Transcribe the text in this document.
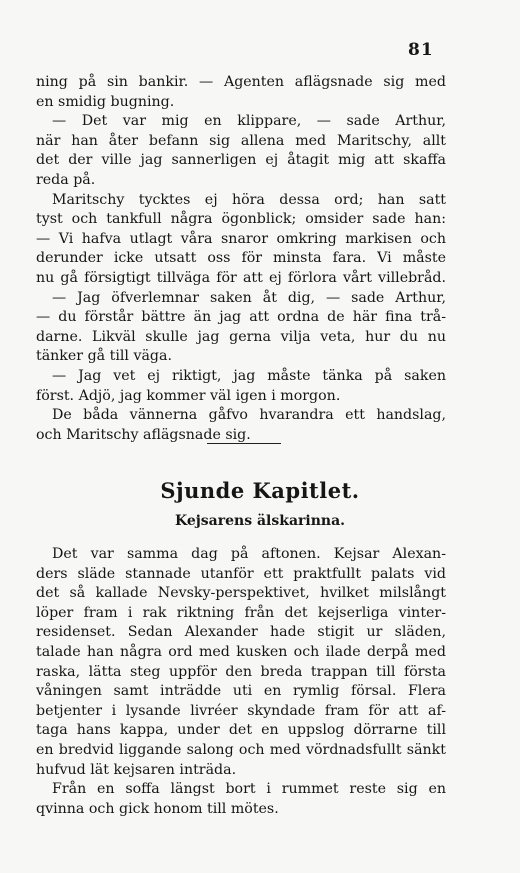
81
ning på sin bankir. — Agenten aflägsnade sig med
en smidig bugning.
— Det var mig en klippare, — sade Arthur,
när han åter befann sig allena med Maritschy, allt
det der ville jag sannerligen ej åtagit mig att skaffa
reda på.
Maritschy tycktes ej höra dessa ord; han satt
tyst och tankfull några ögonblick; omsider sade han:
— Vi hafva utlagt våra snaror omkring markisen och
derunder icke utsatt oss för minsta fara. Vi måste
nu gå försigtigt tillväga för att ej förlora vårt villebråd.
— Jag öfverlemnar saken åt dig, — sade Arthur,
— du förstår bättre än jag att ordna de här fina trå-
darne. Likväl skulle jag gerna vilja veta, hur du nu
tänker gå till väga.
— Jag vet ej riktigt, jag måste tänka på saken
först. Adjö, jag kommer väl igen i morgon.
De båda vännerna gåfvo hvarandra ett handslag,
och Maritschy aflägsnade sig.
Sjunde Kapitlet.
Kejsarens älskarinna.
Det var samma dag på aftonen. Kejsar Alexan-
ders släde stannade utanför ett praktfullt palats vid
det så kallade Nevsky-perspektivet, hvilket milslångt
löper fram i rak riktning från det kejserliga vinter-
residenset. Sedan Alexander hade stigit ur släden,
talade han några ord med kusken och ilade derpå med
raska, lätta steg uppför den breda trappan till första
våningen samt inträdde uti en rymlig försal. Flera
betjenter i lysande livréer skyndade fram för att af-
taga hans kappa, under det en uppslog dörrarne till
en bredvid liggande salong och med vördnadsfullt sänkt
hufvud lät kejsaren inträda.
Från en soffa längst bort i rummet reste sig en
qvinna och gick honom till mötes.
